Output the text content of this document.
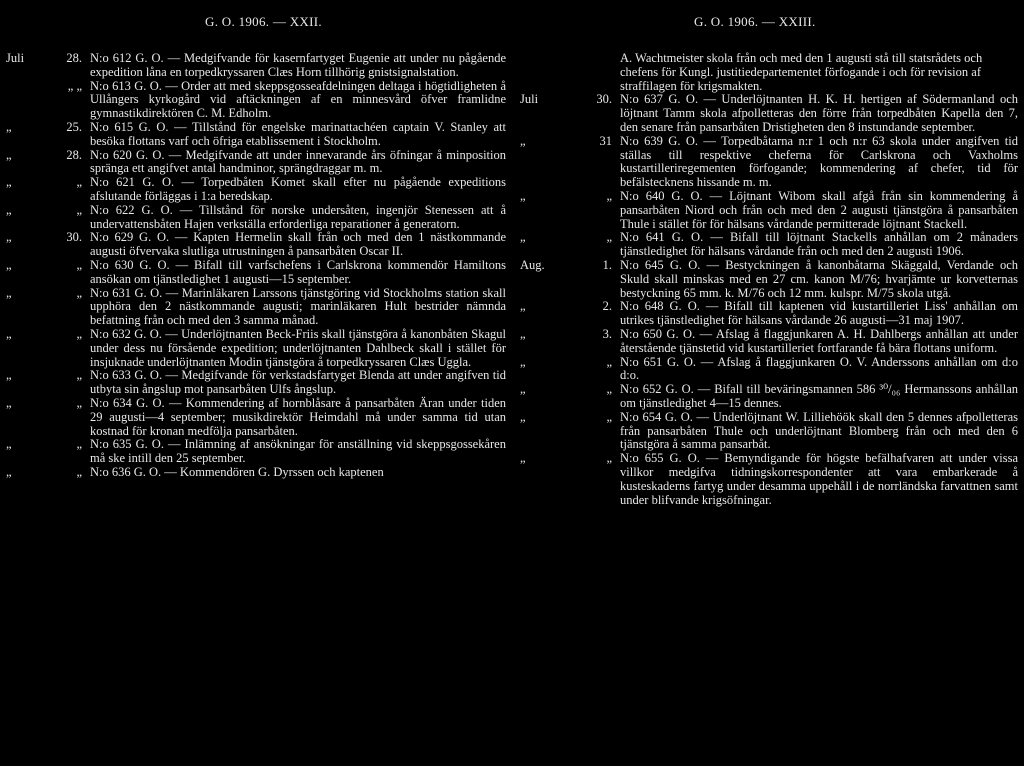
G. O. 1906. — XXII.
Juli	28. N:o 612 G. O. — Medgifvande för kasernfartyget Eugenie att under nu pågående expedition låna en torpedkryssaren Clæs Horn tillhörig gnistsignalstation.
„ „ N:o 613 G. O. — Order att med skeppsgosseafdelningen deltaga i högtidligheten å Ullångers kyrkogård vid aftäckningen af en minnesvård öfver framlidne gymnastikdirektören C. M. Edholm.
„	25. N:o 615 G. O. — Tillstånd för engelske marinattachéen captain V. Stanley att besöka flottans varf och öfriga etablissement i Stockholm.
„	28. N:o 620 G. O. — Medgifvande att under innevarande års öfningar å minposition spränga ett angifvet antal handminor, sprängdraggar m. m.
„	„ N:o 621 G. O. — Torpedbåten Komet skall efter nu pågående expeditions afslutande förläggas i 1:a beredskap.
„	„ N:o 622 G. O. — Tillstånd för norske undersåten, ingenjör Stenessen att å undervattensbåten Hajen verkställa erforderliga reparationer å generatorn.
„	30. N:o 629 G. O. — Kapten Hermelin skall från och med den 1 nästkommande augusti öfvervaka slutliga utrustningen å pansarbåten Oscar II.
„	„ N:o 630 G. O. — Bifall till varfschefens i Carlskrona kommendör Hamiltons ansökan om tjänstledighet 1 augusti—15 september.
„	„ N:o 631 G. O. — Marinläkaren Larssons tjänstgöring vid Stockholms station skall upphöra den 2 nästkommande augusti; marinläkaren Hult bestrider nämnda befattning från och med den 3 samma månad.
„	„ N:o 632 G. O. — Underlöjtnanten Beck-Friis skall tjänstgöra å kanonbåten Skagul under dess nu försående expedition; underlöjtnanten Dahlbeck skall i stället för insjuknade underlöjtnanten Modin tjänstgöra å torpedkryssaren Clæs Uggla.
„	„ N:o 633 G. O. — Medgifvande för verkstadsfartyget Blenda att under angifven tid utbyta sin ångslup mot pansarbåten Ulfs ångslup.
„	„ N:o 634 G. O. — Kommendering af hornblåsare å pansarbåten Äran under tiden 29 augusti—4 september; musikdirektör Heimdahl må under samma tid utan kostnad för kronan medfölja pansarbåten.
„	„ N:o 635 G. O. — Inlämning af ansökningar för anställning vid skeppsgossekåren må ske intill den 25 september.
„	„ N:o 636 G. O. — Kommendören G. Dyrssen och kaptenen
G. O. 1906. — XXIII.
A. Wachtmeister skola från och med den 1 augusti stå till statsrådets och chefens för Kungl. justitiedepartementet förfogande i och för revision af straffilagen för krigsmakten.
Juli	30. N:o 637 G. O. — Underlöjtnanten H. K. H. hertigen af Södermanland och löjtnant Tamm skola afpolletteras den förre från torpedbåten Kapella den 7, den senare från pansarbåten Dristigheten den 8 instundande september.
„	31 N:o 639 G. O. — Torpedbåtarna n:r 1 och n:r 63 skola under angifven tid ställas till respektive cheferna för Carlskrona och Vaxholms kustartilleriregementen förfogande; kommendering af chefer, tid för befälstecknens hissande m. m.
„	„ N:o 640 G. O. — Löjtnant Wibom skall afgå från sin kommendering å pansarbåten Niord och från och med den 2 augusti tjänstgöra å pansarbåten Thule i stället för för hälsans vårdande permitterade löjtnant Stackell.
„	„ N:o 641 G. O. — Bifall till löjtnant Stackells anhållan om 2 månaders tjänstledighet för hälsans vårdande från och med den 2 augusti 1906.
Aug.	1. N:o 645 G. O. — Bestyckningen å kanonbåtarna Skäggald, Verdande och Skuld skall minskas med en 27 cm. kanon M/76; hvarjämte ur korvetternas bestyckning 65 mm. k. M/76 och 12 mm. kulspr. M/75 skola utgå.
„	2. N:o 648 G. O. — Bifall till kaptenen vid kustartilleriet Liss' anhållan om utrikes tjänstledighet för hälsans vårdande 26 augusti—31 maj 1907.
„	3. N:o 650 G. O. — Afslag å flaggjunkaren A. H. Dahlbergs anhållan att under återstående tjänstetid vid kustartilleriet fortfarande få bära flottans uniform.
„	„ N:o 651 G. O. — Afslag å flaggjunkaren O. V. Anderssons anhållan om d:o d:o.
„	„ N:o 652 G. O. — Bifall till beväringsmannen 586 ³⁰/₀₆ Hermanssons anhållan om tjänstledighet 4—15 dennes.
„	„ N:o 654 G. O. — Underlöjtnant W. Lilliehöök skall den 5 dennes afpolletteras från pansarbåten Thule och underlöjtnant Blomberg från och med den 6 tjänstgöra å samma pansarbåt.
„	„ N:o 655 G. O. — Bemyndigande för högste befälhafvaren att under vissa villkor medgifva tidningskorrespondenter att vara embarkerade å kusteskaderns fartyg under desamma uppehåll i de norrländska farvattnen samt under blifvande krigsöfningar.
